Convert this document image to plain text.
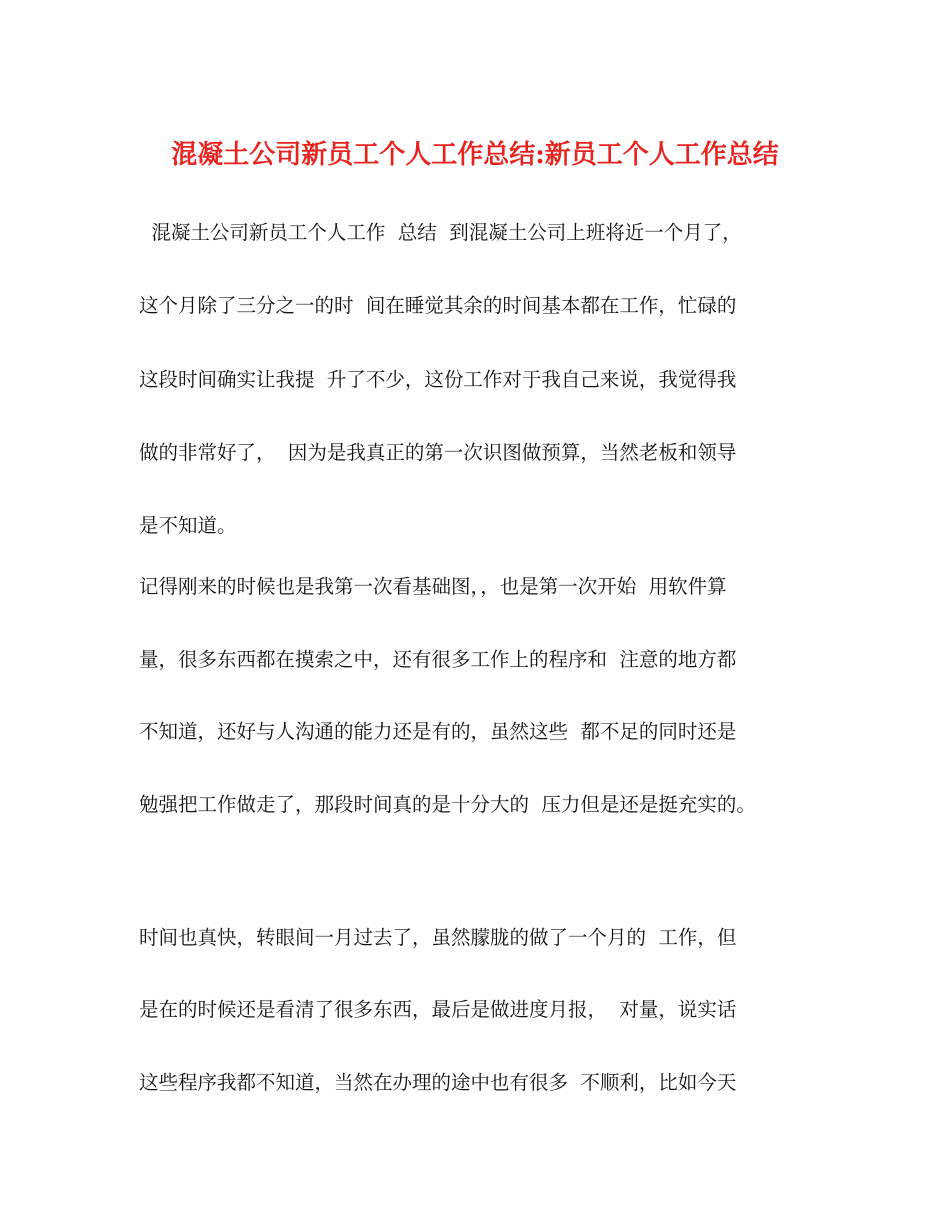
混凝土公司新员工个人工作总结:新员工个人工作总结
混凝土公司新员工个人工作  总结  到混凝土公司上班将近一个月了，
这个月除了三分之一的时  间在睡觉其余的时间基本都在工作，忙碌的
这段时间确实让我提  升了不少，这份工作对于我自己来说，我觉得我
做的非常好了，  因为是我真正的第一次识图做预算，当然老板和领导
是不知道。
记得刚来的时候也是我第一次看基础图，，也是第一次开始  用软件算
量，很多东西都在摸索之中，还有很多工作上的程序和  注意的地方都
不知道，还好与人沟通的能力还是有的，虽然这些  都不足的同时还是
勉强把工作做走了，那段时间真的是十分大的  压力但是还是挺充实的。
时间也真快，转眼间一月过去了，虽然朦胧的做了一个月的  工作，但
是在的时候还是看清了很多东西，最后是做进度月报，  对量，说实话
这些程序我都不知道，当然在办理的途中也有很多  不顺利，比如今天
